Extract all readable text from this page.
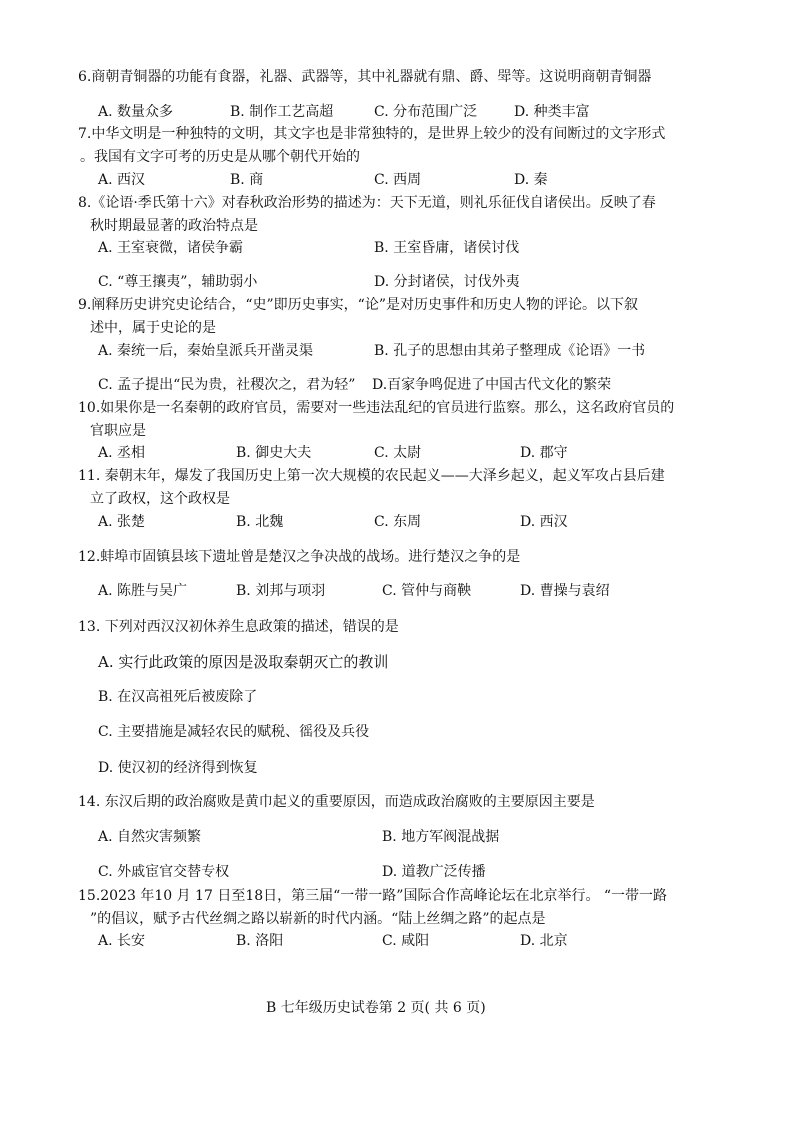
6.商朝青铜器的功能有食器，礼器、武器等，其中礼器就有鼎、爵、斝等。这说明商朝青铜器
A. 数量众多	B. 制作工艺高超	C. 分布范围广泛	D. 种类丰富
7.中华文明是一种独特的文明，其文字也是非常独特的，是世界上较少的没有间断过的文字形式
。我国有文字可考的历史是从哪个朝代开始的
A. 西汉	B. 商	C. 西周	D. 秦
8.《论语·季氏第十六》对春秋政治形势的描述为：天下无道，则礼乐征伐自诸侯出。反映了春
秋时期最显著的政治特点是
A. 王室衰微，诸侯争霸	B. 王室昏庸，诸侯讨伐
C. “尊王攘夷”，辅助弱小	D. 分封诸侯，讨伐外夷
9.阐释历史讲究史论结合，“史”即历史事实，“论”是对历史事件和历史人物的评论。以下叙
述中，属于史论的是
A. 秦统一后，秦始皇派兵开凿灵渠	B. 孔子的思想由其弟子整理成《论语》一书
C. 孟子提出“民为贵，社稷次之，君为轻” D.百家争鸣促进了中国古代文化的繁荣
10.如果你是一名秦朝的政府官员，需要对一些违法乱纪的官员进行监察。那么，这名政府官员的
官职应是
A. 丞相	B. 御史大夫	C. 太尉	D. 郡守
11. 秦朝末年，爆发了我国历史上第一次大规模的农民起义——大泽乡起义，起义军攻占县后建
立了政权，这个政权是
A. 张楚	B. 北魏	C. 东周	D. 西汉
12.蚌埠市固镇县垓下遗址曾是楚汉之争决战的战场。进行楚汉之争的是
A. 陈胜与吴广	B. 刘邦与项羽	C. 管仲与商鞅	D. 曹操与袁绍
13. 下列对西汉汉初休养生息政策的描述，错误的是
A. 实行此政策的原因是汲取秦朝灭亡的教训
B. 在汉高祖死后被废除了
C. 主要措施是减轻农民的赋税、徭役及兵役
D. 使汉初的经济得到恢复
14. 东汉后期的政治腐败是黄巾起义的重要原因，而造成政治腐败的主要原因主要是
A. 自然灾害频繁	B. 地方军阀混战据
C. 外戚宦官交替专权	D. 道教广泛传播
15.2023 年10 月 17 日至18日，第三届“一带一路”国际合作高峰论坛在北京举行。 “一带一路
”的倡议，赋予古代丝绸之路以崭新的时代内涵。“陆上丝绸之路”的起点是
A. 长安	B. 洛阳	C. 咸阳	D. 北京
B 七年级历史试卷第 2 页( 共 6 页)
